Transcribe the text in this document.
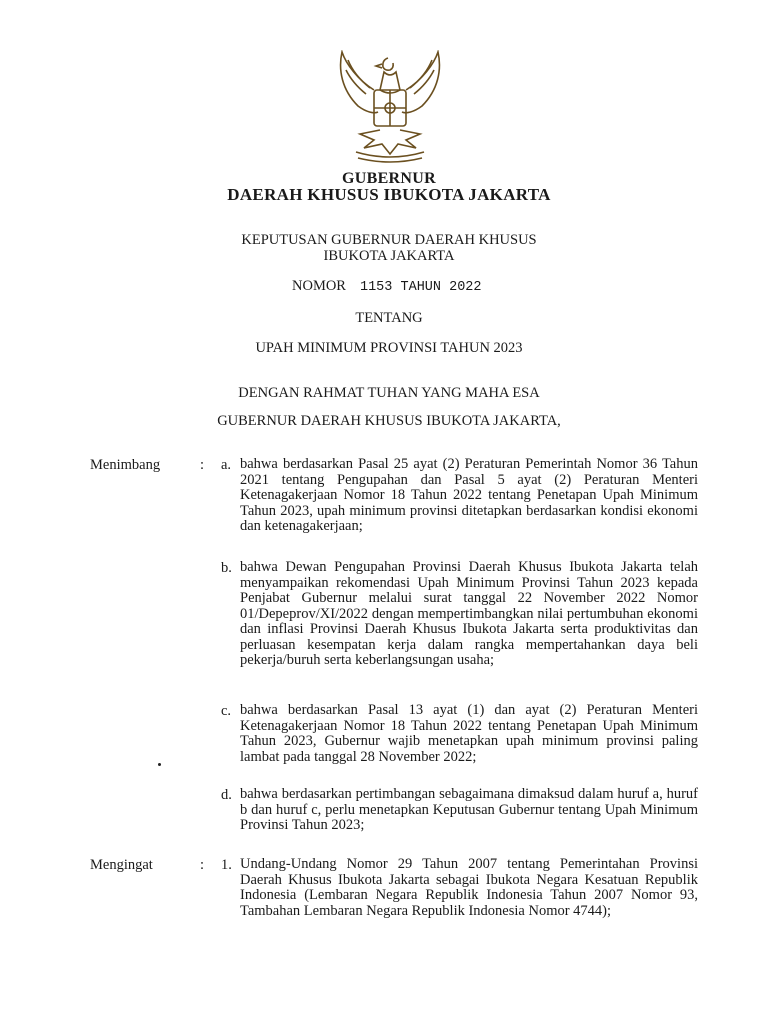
GUBERNUR
DAERAH KHUSUS IBUKOTA JAKARTA
KEPUTUSAN GUBERNUR DAERAH KHUSUS
IBUKOTA JAKARTA
NOMOR 1153 TAHUN 2022
TENTANG
UPAH MINIMUM PROVINSI TAHUN 2023
DENGAN RAHMAT TUHAN YANG MAHA ESA
GUBERNUR DAERAH KHUSUS IBUKOTA JAKARTA,
Menimbang	: a. bahwa berdasarkan Pasal 25 ayat (2) Peraturan Pemerintah Nomor 36 Tahun 2021 tentang Pengupahan dan Pasal 5 ayat (2) Peraturan Menteri Ketenagakerjaan Nomor 18 Tahun 2022 tentang Penetapan Upah Minimum Tahun 2023, upah minimum provinsi ditetapkan berdasarkan kondisi ekonomi dan ketenagakerjaan;

b. bahwa Dewan Pengupahan Provinsi Daerah Khusus Ibukota Jakarta telah menyampaikan rekomendasi Upah Minimum Provinsi Tahun 2023 kepada Penjabat Gubernur melalui surat tanggal 22 November 2022 Nomor 01/Depeprov/XI/2022 dengan mempertimbangkan nilai pertumbuhan ekonomi dan inflasi Provinsi Daerah Khusus Ibukota Jakarta serta produktivitas dan perluasan kesempatan kerja dalam rangka mempertahankan daya beli pekerja/buruh serta keberlangsungan usaha;

c. bahwa berdasarkan Pasal 13 ayat (1) dan ayat (2) Peraturan Menteri Ketenagakerjaan Nomor 18 Tahun 2022 tentang Penetapan Upah Minimum Tahun 2023, Gubernur wajib menetapkan upah minimum provinsi paling lambat pada tanggal 28 November 2022;

d. bahwa berdasarkan pertimbangan sebagaimana dimaksud dalam huruf a, huruf b dan huruf c, perlu menetapkan Keputusan Gubernur tentang Upah Minimum Provinsi Tahun 2023;

Mengingat	: 1. Undang-Undang Nomor 29 Tahun 2007 tentang Pemerintahan Provinsi Daerah Khusus Ibukota Jakarta sebagai Ibukota Negara Kesatuan Republik Indonesia (Lembaran Negara Republik Indonesia Tahun 2007 Nomor 93, Tambahan Lembaran Negara Republik Indonesia Nomor 4744);
